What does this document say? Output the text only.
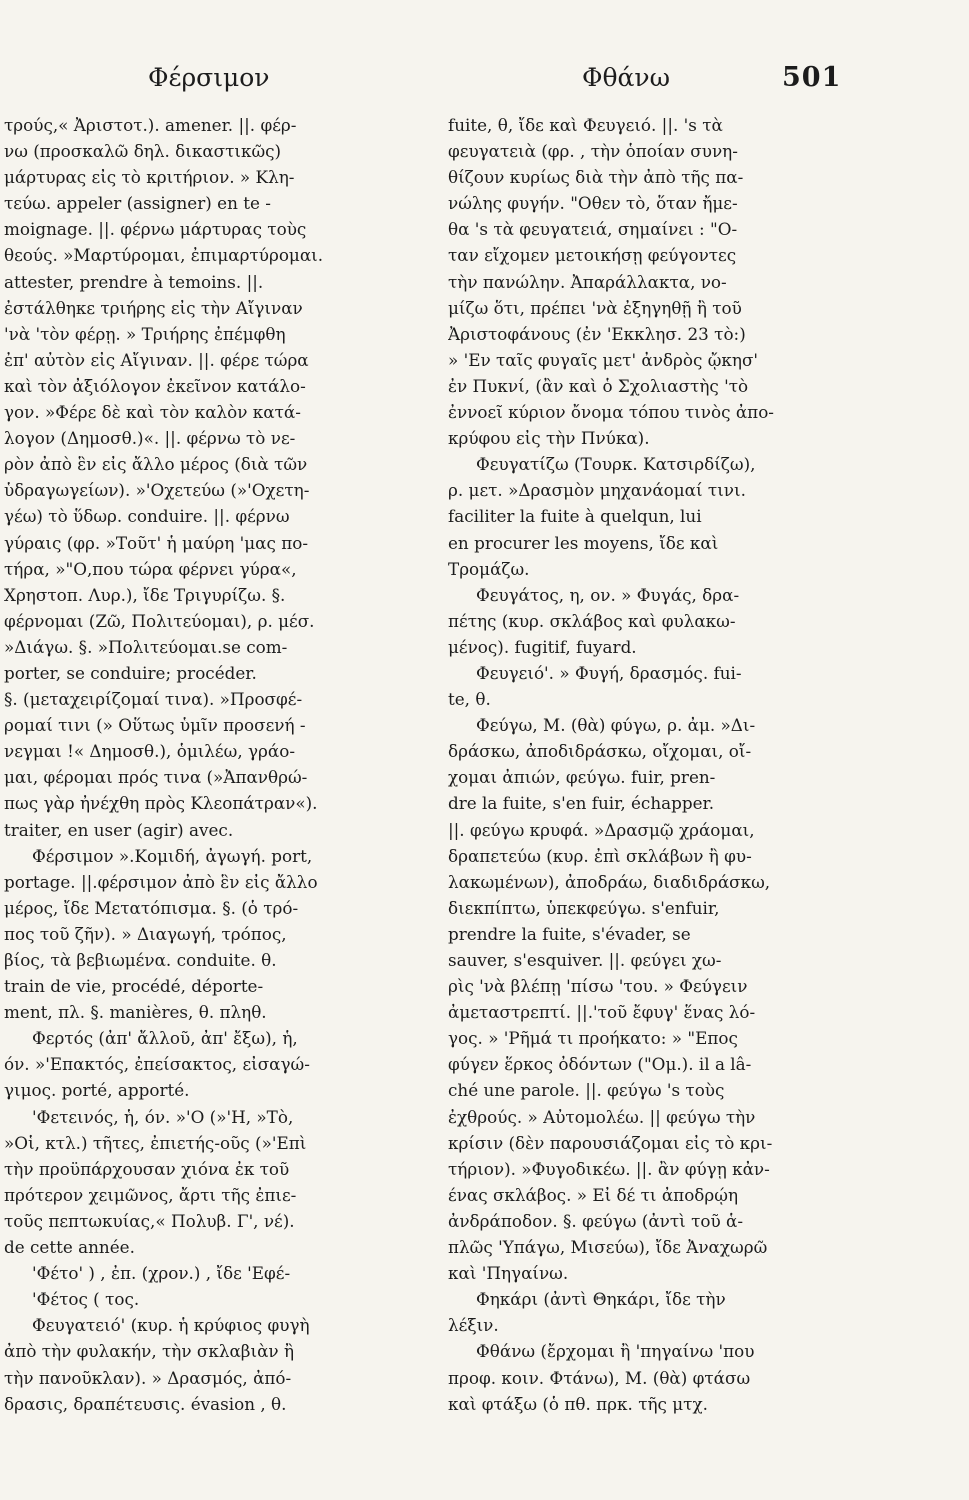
Φέρσιμον	Φθάνω	501
τρούς,« Ἀριστοτ.). amener. ||. φέρ-
νω (προσκαλῶ δηλ. δικαστικῶς)
μάρτυρας εἰς τὸ κριτήριον. » Κλη-
τεύω. appeler (assigner) en te -
moignage. ||. φέρνω μάρτυρας τοὺς
θεούς. »Μαρτύρομαι, ἐπιμαρτύρομαι.
attester, prendre à temoins. ||.
ἐστάλθηκε τριήρης εἰς τὴν Αἴγιναν
'νὰ 'τὸν φέρῃ. » Τριήρης ἐπέμφθη
ἐπ' αὐτὸν εἰς Αἴγιναν. ||. φέρε τώρα
καὶ τὸν ἀξιόλογον ἐκεῖνον κατάλο-
γον. »Φέρε δὲ καὶ τὸν καλὸν κατά-
λογον (Δημοσθ.)«. ||. φέρνω τὸ νε-
ρὸν ἀπὸ ἓν εἰς ἄλλο μέρος (διὰ τῶν
ὑδραγωγείων). »'Οχετεύω (»'Οχετη-
γέω) τὸ ὕδωρ. conduire. ||. φέρνω
γύραις (φρ. »Τοῦτ' ἡ μαύρη 'μας πο-
τήρα, »"Ο,που τώρα φέρνει γύρα«,
Χρηστοπ. Λυρ.), ἴδε Τριγυρίζω. §.
φέρνομαι (Ζῶ, Πολιτεύομαι), ρ. μέσ.
»Διάγω. §. »Πολιτεύομαι.se com-
porter, se conduire; procéder.
§. (μεταχειρίζομαί τινα). »Προσφέ-
ρομαί τινι (» Οὕτως ὑμῖν προσενή -
νεγμαι !« Δημοσθ.), ὁμιλέω, γράο-
μαι, φέρομαι πρός τινα (»Ἀπανθρώ-
πως γὰρ ἠνέχθη πρὸς Κλεοπάτραν«).
traiter, en user (agir) avec.
Φέρσιμον ».Κομιδή, ἀγωγή. port,
portage. ||.φέρσιμον ἀπὸ ἓν εἰς ἄλλο
μέρος, ἴδε Μετατόπισμα. §. (ὁ τρό-
πος τοῦ ζῆν). » Διαγωγή, τρόπος,
βίος, τὰ βεβιωμένα. conduite. θ.
train de vie, procédé, déporte-
ment, πλ. §. manières, θ. πληθ.
Φερτός (ἀπ' ἄλλοῦ, ἀπ' ἔξω), ἡ,
όν. »'Επακτός, ἐπείσακτος, εἰσαγώ-
γιμος. porté, apporté.
'Φετεινός, ἡ, όν. »'Ο (»'Η, »Τὸ,
»Οἱ, κτλ.) τῆτες, ἐπιετής-οῦς (»'Επὶ
τὴν προϋπάρχουσαν χιόνα ἐκ τοῦ
πρότερον χειμῶνος, ἄρτι τῆς ἐπιε-
τοῦς πεπτωκυίας,« Πολυβ. Γ', νέ).
de cette année.
'Φέτο' ) , ἐπ. (χρον.) , ἴδε 'Εφέ-
'Φέτος ( τος.
Φευγατειό' (κυρ. ἡ κρύφιος φυγὴ
ἀπὸ τὴν φυλακήν, τὴν σκλαβιὰν ἢ
τὴν πανοῦκλαν). » Δρασμός, ἀπό-
δρασις, δραπέτευσις. évasion , θ.
fuite, θ, ἴδε καὶ Φευγειό. ||. 's τὰ
φευγατειὰ (φρ. , τὴν ὁποίαν συνη-
θίζουν κυρίως διὰ τὴν ἀπὸ τῆς πα-
νώλης φυγήν. "Οθεν τὸ, ὅταν ἤμε-
θα 's τὰ φευγατειά, σημαίνει : "Ο-
ταν εἴχομεν μετοικήσῃ φεύγοντες
τὴν πανώλην. Ἀπαράλλακτα, νο-
μίζω ὅτι, πρέπει 'νὰ ἐξηγηθῇ ἢ τοῦ
Ἀριστοφάνους (ἐν 'Εκκλησ. 23 τὸ:)
» 'Εν ταῖς φυγαῖς μετ' ἀνδρὸς ᾤκησ'
ἐν Πυκνί, (ἂν καὶ ὁ Σχολιαστὴς 'τὸ
ἐννοεῖ κύριον ὄνομα τόπου τινὸς ἀπο-
κρύφου εἰς τὴν Πνύκα).
Φευγατίζω (Τουρκ. Κατσιρδίζω),
ρ. μετ. »Δρασμὸν μηχανάομαί τινι.
faciliter la fuite à quelqun, lui
en procurer les moyens, ἴδε καὶ
Τρομάζω.
Φευγάτος, η, ον. » Φυγάς, δρα-
πέτης (κυρ. σκλάβος καὶ φυλακω-
μένος). fugitif, fuyard.
Φευγειό'. » Φυγή, δρασμός. fui-
te, θ.
Φεύγω, Μ. (θὰ) φύγω, ρ. ἀμ. »Δι-
δράσκω, ἀποδιδράσκω, οἴχομαι, οἴ-
χομαι ἀπιών, φεύγω. fuir, pren-
dre la fuite, s'en fuir, échapper.
||. φεύγω κρυφά. »Δρασμῷ χράομαι,
δραπετεύω (κυρ. ἐπὶ σκλάβων ἢ φυ-
λακωμένων), ἀποδράω, διαδιδράσκω,
διεκπίπτω, ὑπεκφεύγω. s'enfuir,
prendre la fuite, s'évader, se
sauver, s'esquiver. ||. φεύγει χω-
ρὶς 'νὰ βλέπῃ 'πίσω 'του. » Φεύγειν
ἀμεταστρεπτί. ||.'τοῦ ἔφυγ' ἕνας λό-
γος. » 'Ρῆμά τι προήκατο: » "Επος
φύγεν ἕρκος ὀδόντων ("Ομ.). il a lâ-
ché une parole. ||. φεύγω 's τοὺς
ἐχθρούς. » Αὐτομολέω. || φεύγω τὴν
κρίσιν (δὲν παρουσιάζομαι εἰς τὸ κρι-
τήριον). »Φυγοδικέω. ||. ἂν φύγῃ κἀν-
ένας σκλάβος. » Εἰ δέ τι ἀποδρῴη
ἀνδράποδον. §. φεύγω (ἀντὶ τοῦ ἁ-
πλῶς 'Υπάγω, Μισεύω), ἴδε Ἀναχωρῶ
καὶ 'Πηγαίνω.
Φηκάρι (ἀντὶ Θηκάρι, ἴδε τὴν
λέξιν.
Φθάνω (ἔρχομαι ἢ 'πηγαίνω 'που
προφ. κοιν. Φτάνω), Μ. (θὰ) φτάσω
καὶ φτάξω (ὁ πθ. πρκ. τῆς μτχ.
